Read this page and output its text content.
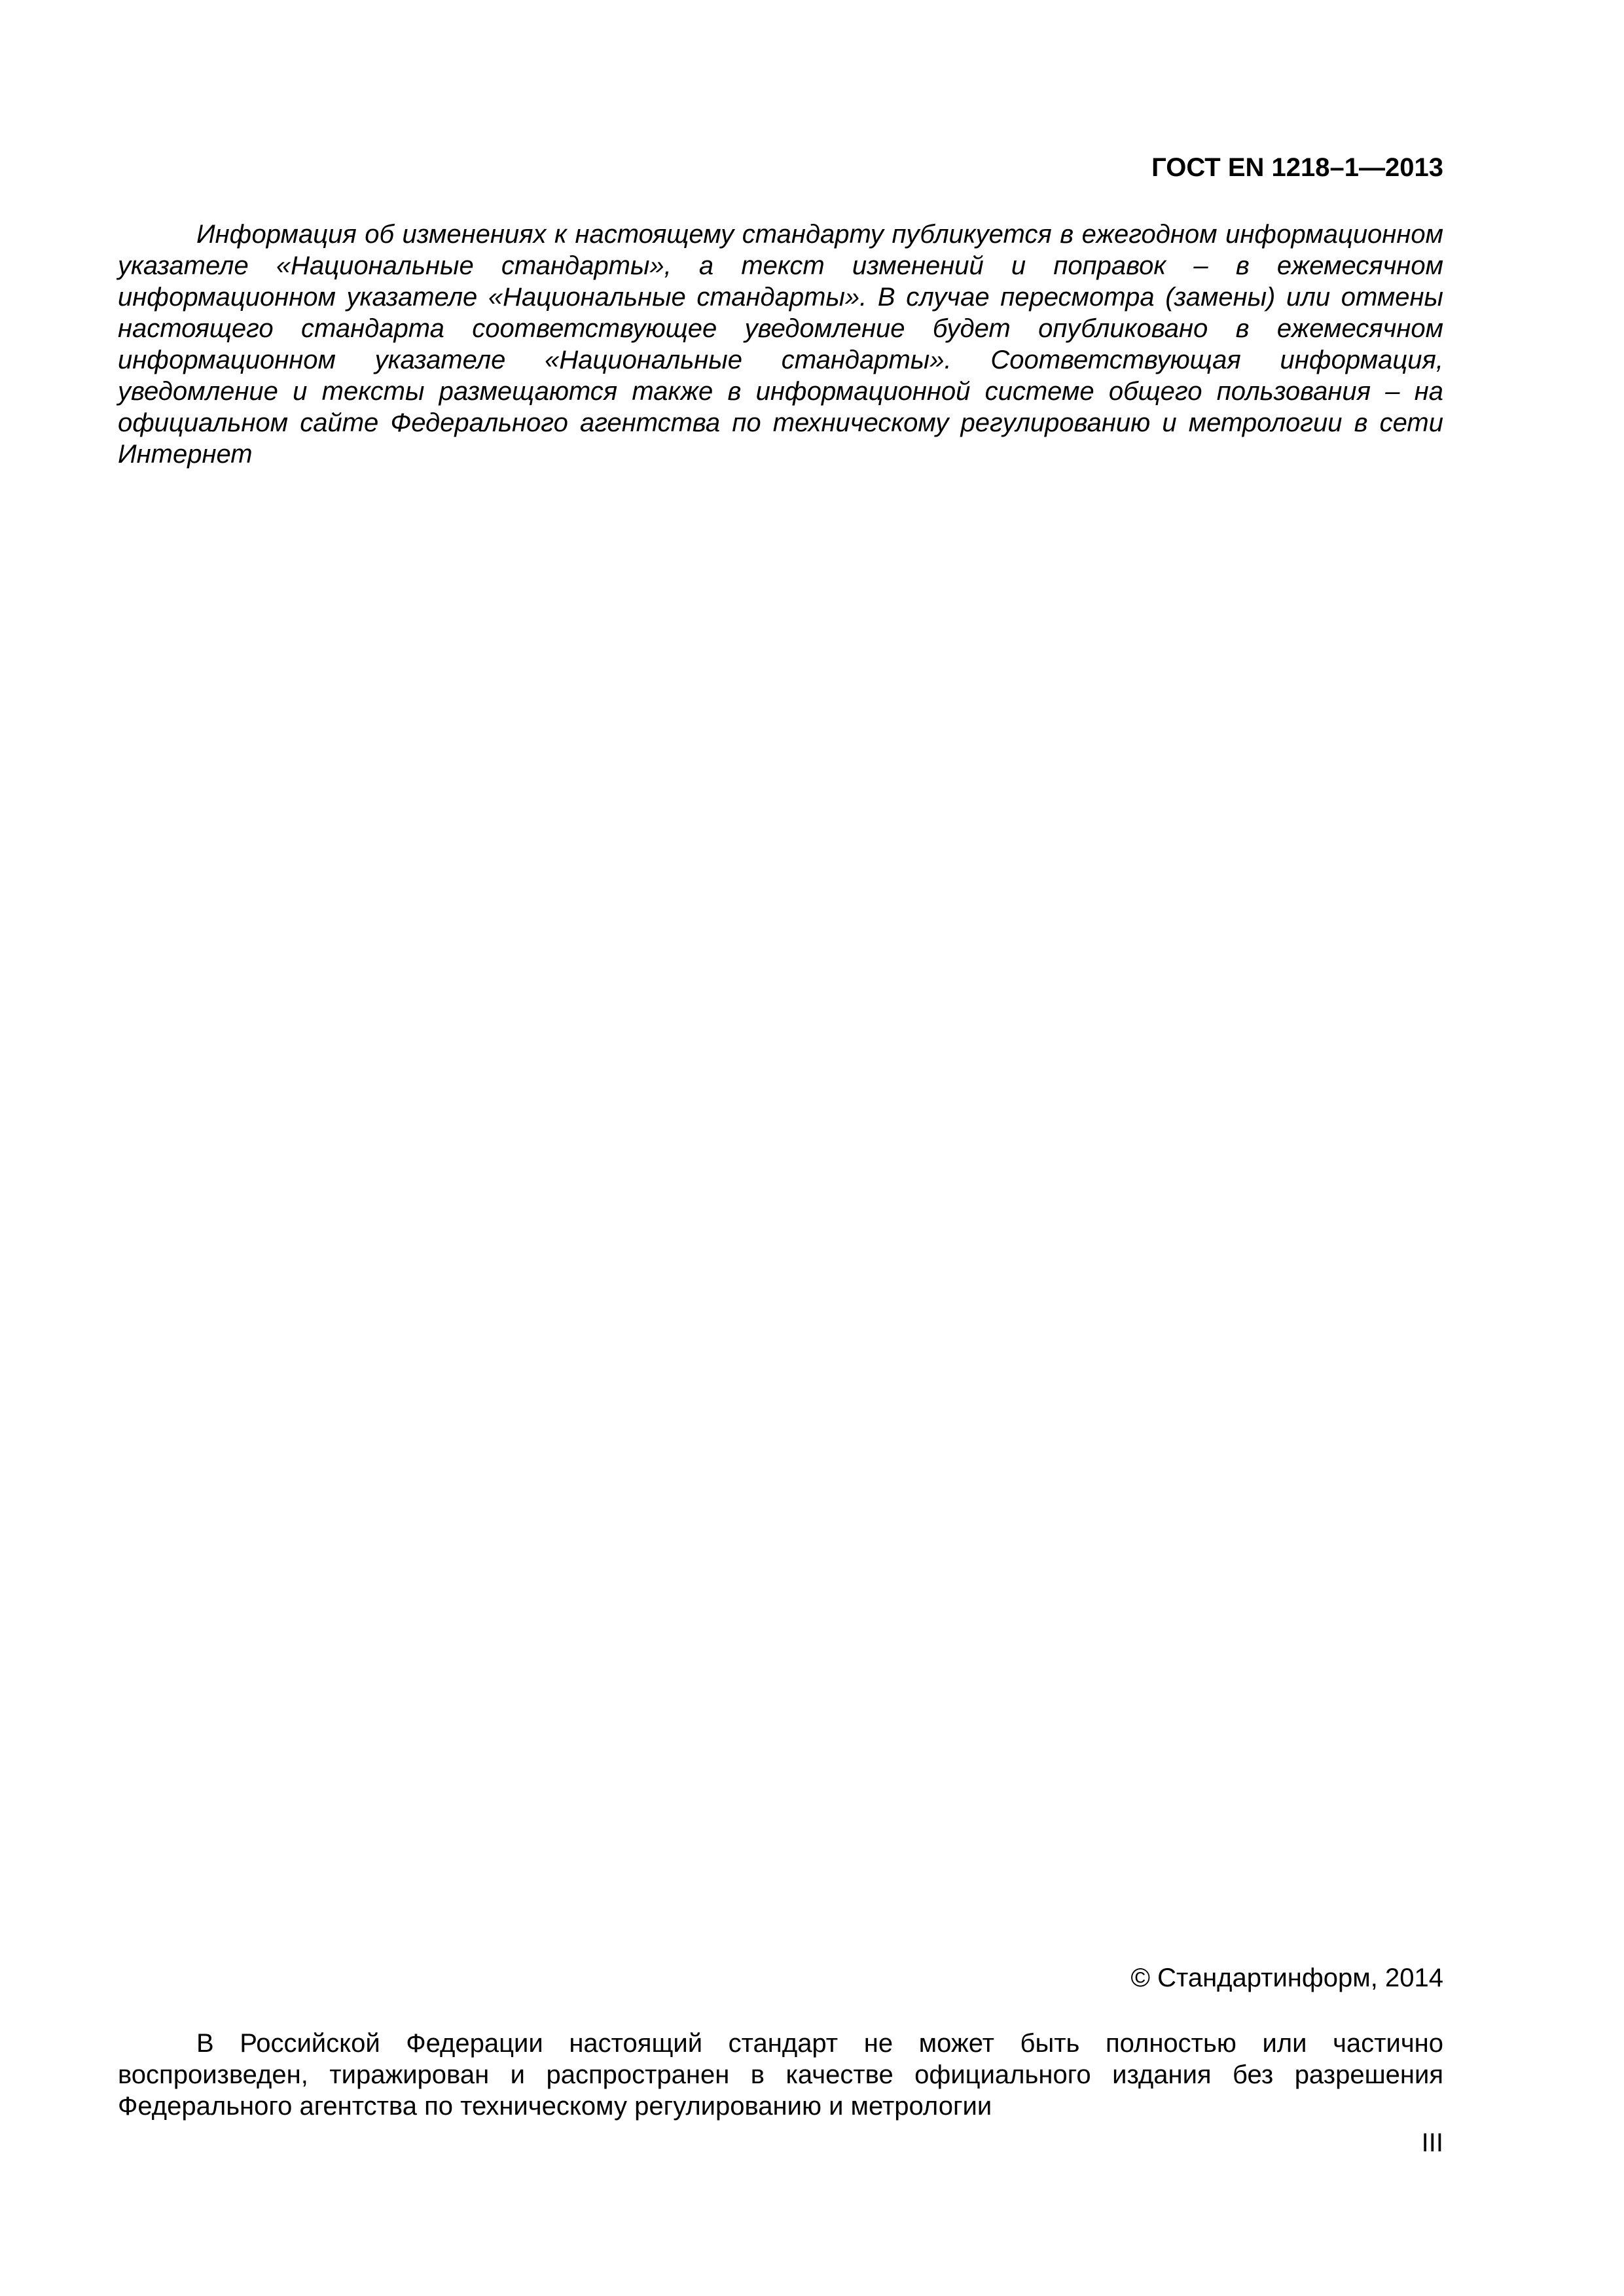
ГОСТ EN 1218–1—2013

Информация об изменениях к настоящему стандарту публикуется в ежегодном информационном указателе «Национальные стандарты», а текст изменений и поправок – в ежемесячном информационном указателе «Национальные стандарты». В случае пересмотра (замены) или отмены настоящего стандарта соответствующее уведомление будет опубликовано в ежемесячном информационном указателе «Национальные стандарты». Соответствующая информация, уведомление и тексты размещаются также в информационной системе общего пользования – на официальном сайте Федерального агентства по техническому регулированию и метрологии в сети Интернет

© Стандартинформ, 2014

В Российской Федерации настоящий стандарт не может быть полностью или частично воспроизведен, тиражирован и распространен в качестве официального издания без разрешения Федерального агентства по техническому регулированию и метрологии

III
